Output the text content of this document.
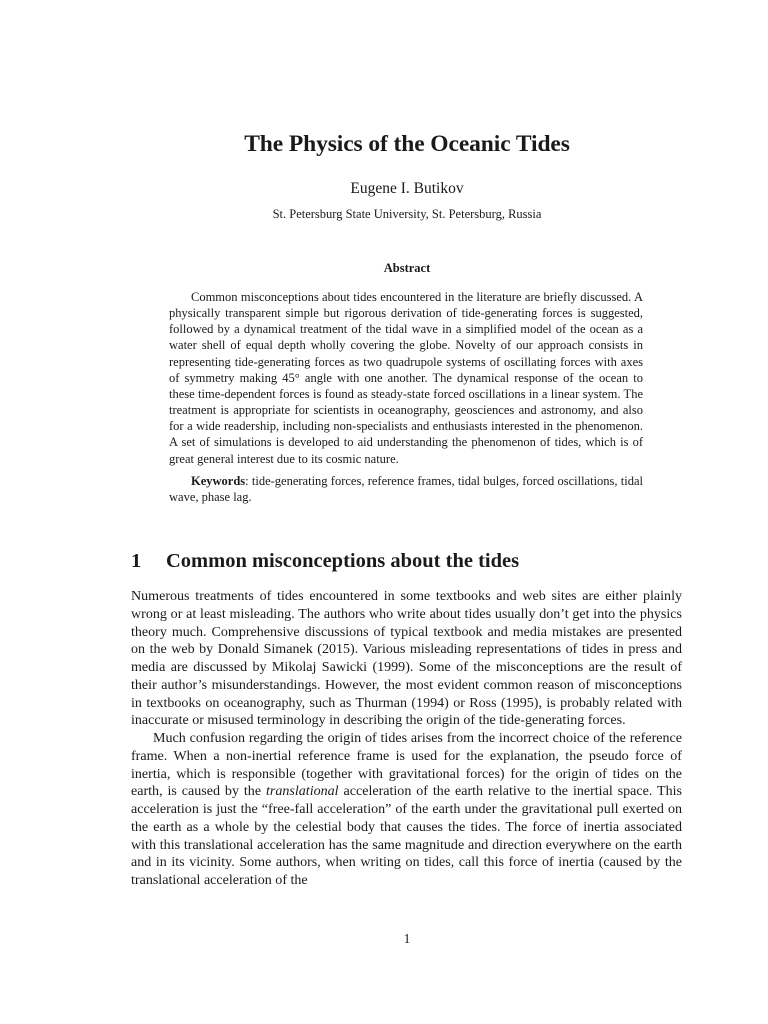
The Physics of the Oceanic Tides
Eugene I. Butikov
St. Petersburg State University, St. Petersburg, Russia
Abstract

Common misconceptions about tides encountered in the literature are briefly discussed. A physically transparent simple but rigorous derivation of tide-generating forces is suggested, followed by a dynamical treatment of the tidal wave in a simplified model of the ocean as a water shell of equal depth wholly covering the globe. Novelty of our approach consists in representing tide-generating forces as two quadrupole systems of oscillating forces with axes of symmetry making 45° angle with one another. The dynamical response of the ocean to these time-dependent forces is found as steady-state forced oscillations in a linear system. The treatment is appropriate for scientists in oceanography, geosciences and astronomy, and also for a wide readership, including non-specialists and enthusiasts interested in the phenomenon. A set of simulations is developed to aid understanding the phenomenon of tides, which is of great general interest due to its cosmic nature.

Keywords: tide-generating forces, reference frames, tidal bulges, forced oscillations, tidal wave, phase lag.

1 Common misconceptions about the tides

Numerous treatments of tides encountered in some textbooks and web sites are either plainly wrong or at least misleading. The authors who write about tides usually don’t get into the physics theory much. Comprehensive discussions of typical textbook and media mistakes are presented on the web by Donald Simanek (2015). Various misleading representations of tides in press and media are discussed by Mikolaj Sawicki (1999). Some of the misconceptions are the result of their author’s misunderstandings. However, the most evident common reason of misconceptions in textbooks on oceanography, such as Thurman (1994) or Ross (1995), is probably related with inaccurate or misused terminology in describing the origin of the tide-generating forces.

Much confusion regarding the origin of tides arises from the incorrect choice of the reference frame. When a non-inertial reference frame is used for the explanation, the pseudo force of inertia, which is responsible (together with gravitational forces) for the origin of tides on the earth, is caused by the translational acceleration of the earth relative to the inertial space. This acceleration is just the “free-fall acceleration” of the earth under the gravitational pull exerted on the earth as a whole by the celestial body that causes the tides. The force of inertia associated with this translational acceleration has the same magnitude and direction everywhere on the earth and in its vicinity. Some authors, when writing on tides, call this force of inertia (caused by the translational acceleration of the

1
